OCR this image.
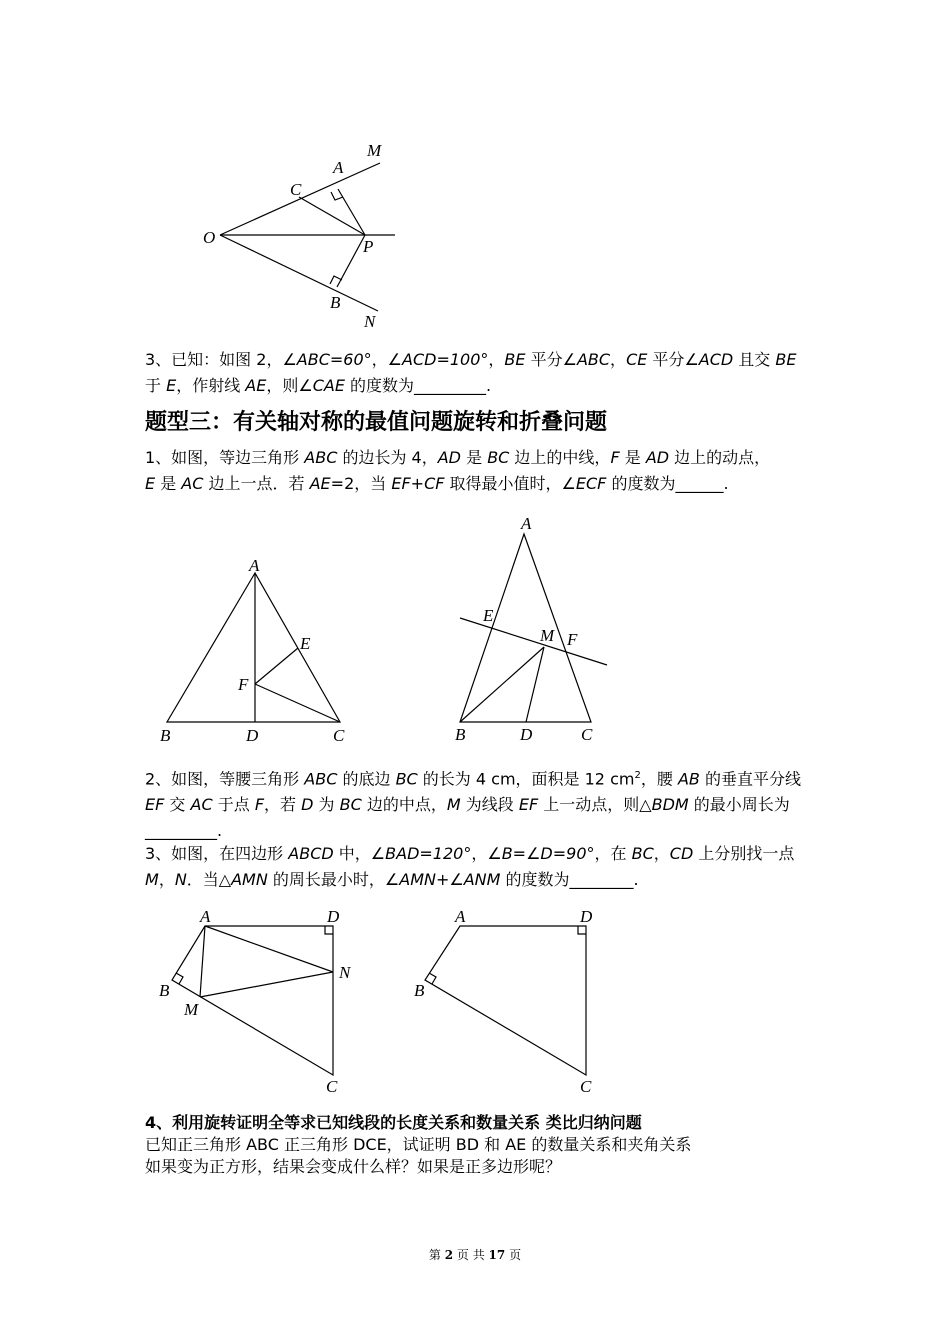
M
A
C
O	P
B
N

3、已知：如图 2，∠ABC=60°，∠ACD=100°，BE 平分∠ABC，CE 平分∠ACD 且交 BE
于 E，作射线 AE，则∠CAE 的度数为_________.

题型三：有关轴对称的最值问题旋转和折叠问题

1、如图，等边三角形 ABC 的边长为 4，AD 是 BC 边上的中线，F 是 AD 边上的动点，
E 是 AC 边上一点．若 AE=2，当 EF+CF 取得最小值时，∠ECF 的度数为______.

A
E
F
B	D	C
A
E
M F
B	D	C

2、如图，等腰三角形 ABC 的底边 BC 的长为 4 cm，面积是 12 $cm^2$，腰 AB 的垂直平分线 EF 交 AC 于点 F，若 D 为 BC 边的中点，M 为线段 EF 上一动点，则△BDM 的最小周长为_________.

3、如图，在四边形 ABCD 中，∠BAD=120°，∠B=∠D=90°，在 BC，CD 上分别找一点
M，N．当△AMN 的周长最小时，∠AMN+∠ANM 的度数为________.

A	D
N
B
M
C
A	D
B
C

4、利用旋转证明全等求已知线段的长度关系和数量关系 类比归纳问题

已知正三角形 ABC 正三角形 DCE，试证明 BD 和 AE 的数量关系和夹角关系

如果变为正方形，结果会变成什么样？如果是正多边形呢？

第 2 页 共 17 页
